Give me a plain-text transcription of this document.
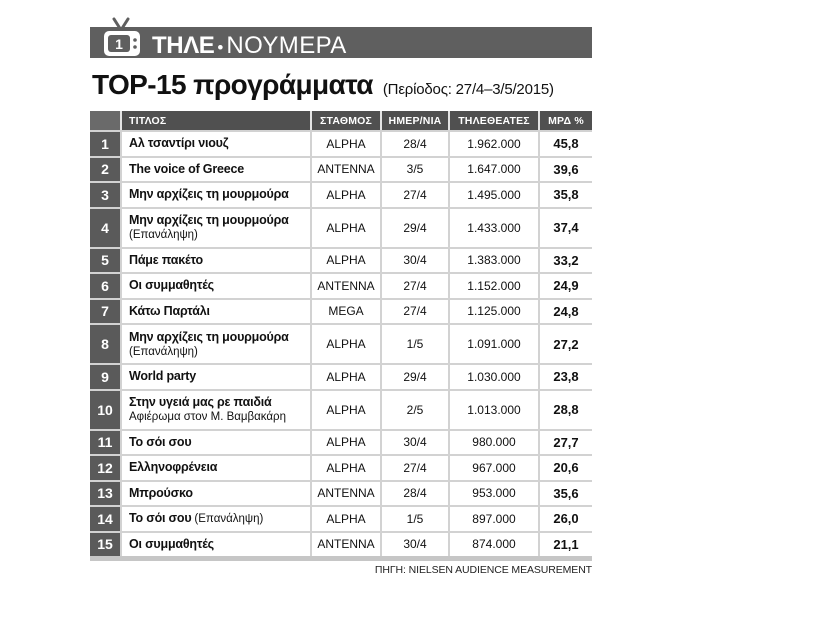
1 ΤΗΛΕ • ΝΟΥΜΕΡΑ
TOP-15 προγράμματα (Περίοδος: 27/4–3/5/2015)
ΤΙΤΛΟΣ	ΣΤΑΘΜΟΣ	ΗΜΕΡ/ΝΙΑ	ΤΗΛΕΘΕΑΤΕΣ	ΜΡΔ %
1	Αλ τσαντίρι νιουζ	ALPHA	28/4	1.962.000	45,8
2	The voice of Greece	ANTENNA	3/5	1.647.000	39,6
3	Μην αρχίζεις τη μουρμούρα	ALPHA	27/4	1.495.000	35,8
4	Μην αρχίζεις τη μουρμούρα
(Επανάληψη)
ALPHA	29/4	1.433.000	37,4
5	Πάμε πακέτο	ALPHA	30/4	1.383.000	33,2
6	Οι συμμαθητές	ANTENNA	27/4	1.152.000	24,9
7	Κάτω Παρτάλι	MEGA	27/4	1.125.000	24,8
8	Μην αρχίζεις τη μουρμούρα
(Επανάληψη)
ALPHA	1/5	1.091.000	27,2
9	World party	ALPHA	29/4	1.030.000	23,8
10	Στην υγειά μας ρε παιδιά
Αφιέρωμα στον Μ. Βαμβακάρη
ALPHA	2/5	1.013.000	28,8
11	Το σόι σου	ALPHA	30/4	980.000	27,7
12	Ελληνοφρένεια	ALPHA	27/4	967.000	20,6
13	Μπρούσκο	ANTENNA	28/4	953.000	35,6
14	Το σόι σου (Επανάληψη)	ALPHA	1/5	897.000	26,0
15	Οι συμμαθητές	ANTENNA	30/4	874.000	21,1
ΠΗΓΗ: NIELSEN AUDIENCE MEASUREMENT
